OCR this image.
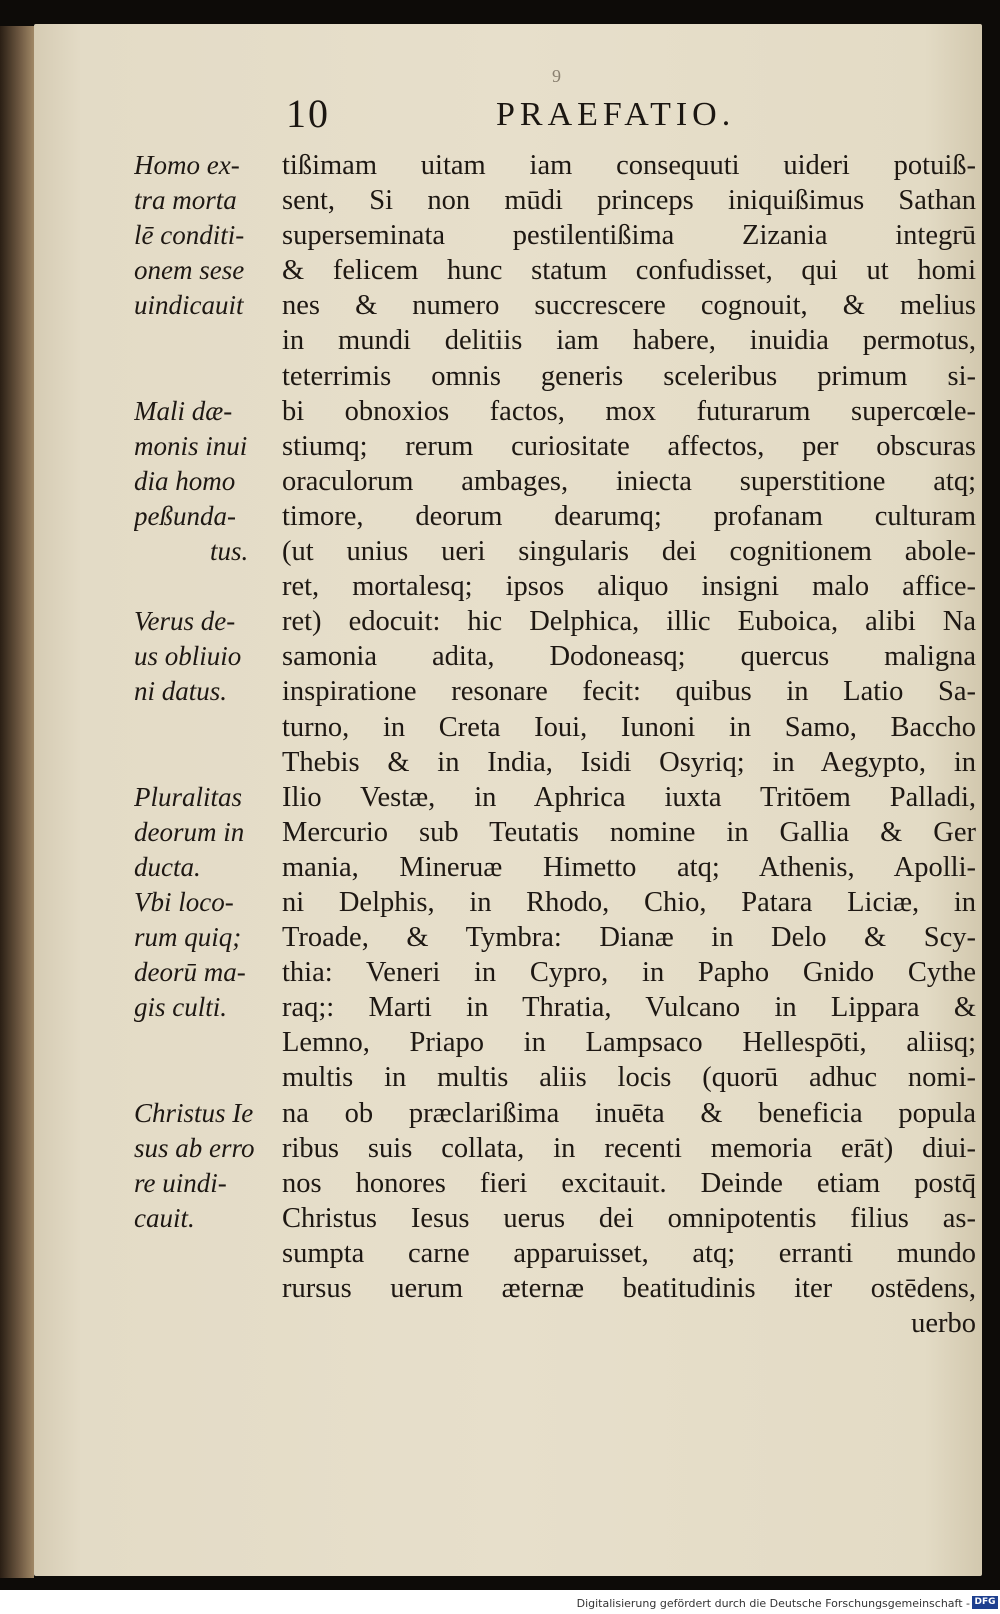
9
10	PRAEFATIO.
tißimam uitam iam consequuti uideri potuiß-
sent, Si non mūdi princeps iniquißimus Sathan
superseminata pestilentißima Zizania integrū
& felicem hunc statum confudisset, qui ut homi
nes & numero succrescere cognouit, & melius
in mundi delitiis iam habere, inuidia permotus,
teterrimis omnis generis sceleribus primum si-
bi obnoxios factos, mox futurarum supercœle-
stiumq; rerum curiositate affectos, per obscuras
oraculorum ambages, iniecta superstitione atq;
timore, deorum dearumq; profanam culturam
(ut unius ueri singularis dei cognitionem abole-
ret, mortalesq; ipsos aliquo insigni malo affice-
ret) edocuit: hic Delphica, illic Euboica, alibi Na
samonia adita, Dodoneasq; quercus maligna
inspiratione resonare fecit: quibus in Latio Sa-
turno, in Creta Ioui, Iunoni in Samo, Baccho
Thebis & in India, Isidi Osyriq; in Aegypto, in
Ilio Vestæ, in Aphrica iuxta Tritōem Palladi,
Mercurio sub Teutatis nomine in Gallia & Ger
mania, Mineruæ Himetto atq; Athenis, Apolli-
ni Delphis, in Rhodo, Chio, Patara Liciæ, in
Troade, & Tymbra: Dianæ in Delo & Scy-
thia: Veneri in Cypro, in Papho Gnido Cythe
raq;: Marti in Thratia, Vulcano in Lippara &
Lemno, Priapo in Lampsaco Hellespōti, aliisq;
multis in multis aliis locis (quorū adhuc nomi-
na ob præclarißima inuēta & beneficia popula
ribus suis collata, in recenti memoria erāt) diui-
nos honores fieri excitauit. Deinde etiam postq̄
Christus Iesus uerus dei omnipotentis filius as-
sumpta carne apparuisset, atq; erranti mundo
rursus uerum æternæ beatitudinis iter ostēdens,
uerbo
Homo ex-
tra morta
lē conditi-
onem sese
uindicauit
Mali dæ-
monis inui
dia homo
peßunda-
tus.
Verus de-
us obliuio
ni datus.
Pluralitas
deorum in
ducta.
Vbi loco-
rum quiq;
deorū ma-
gis culti.
Christus Ie
sus ab erro
re uindi-
cauit.
Digitalisierung gefördert durch die Deutsche Forschungsgemeinschaft - DFG
